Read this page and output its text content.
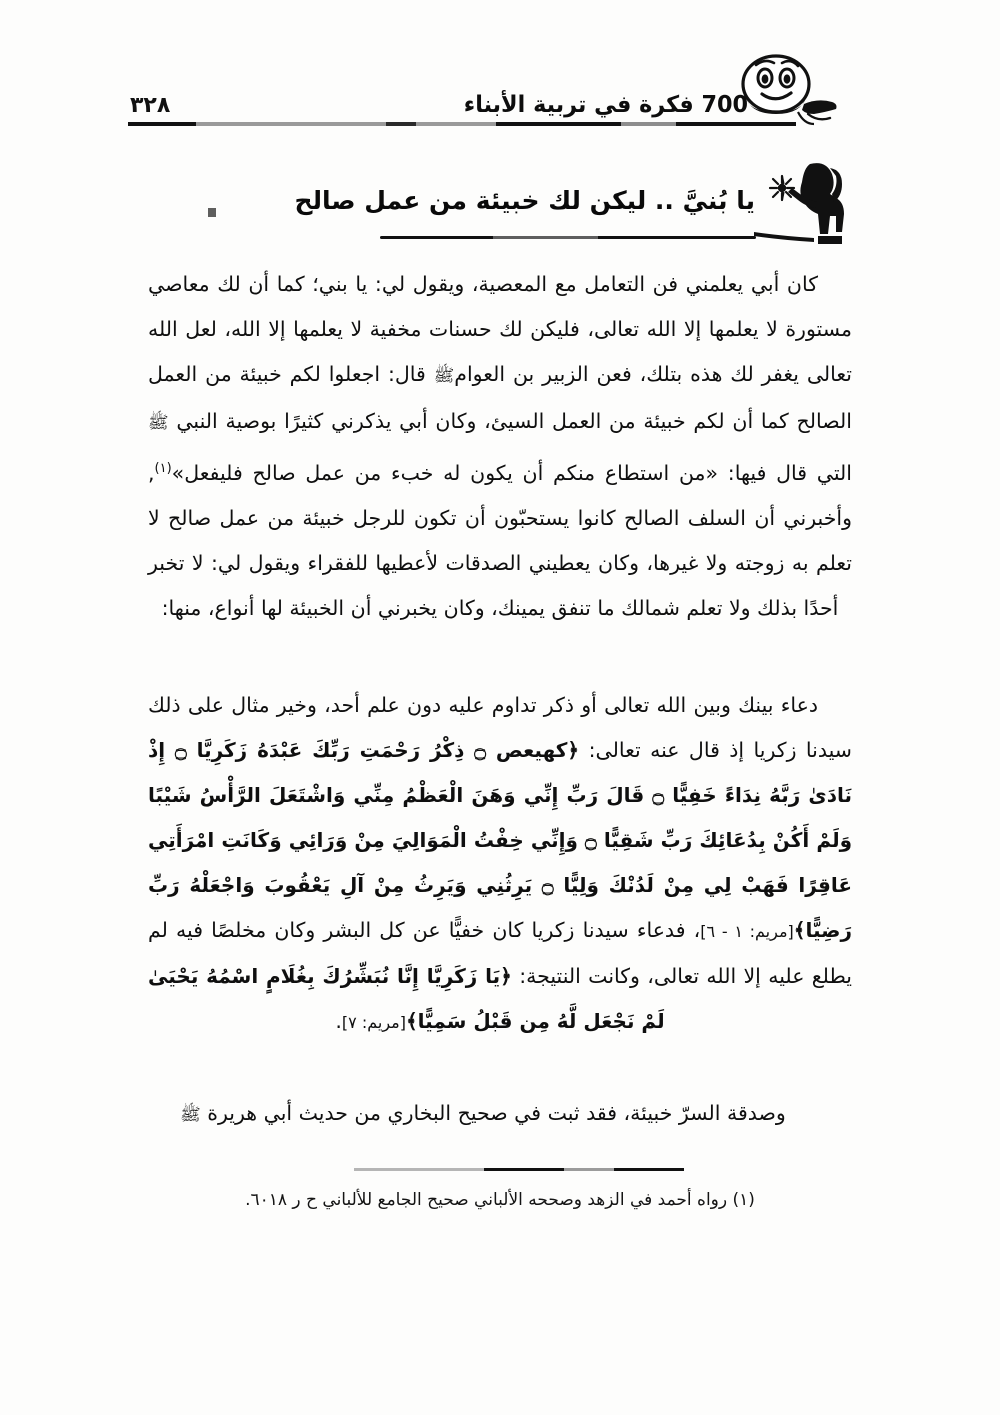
700 فكرة في تربية الأبناء
٣٢٨
يا بُنيَّ .. ليكن لك خبيئة من عمل صالح

كان أبي يعلمني فن التعامل مع المعصية، ويقول لي: يا بني؛ كما أن لك معاصي مستورة لا يعلمها إلا الله تعالى، فليكن لك حسنات مخفية لا يعلمها إلا الله، لعل الله تعالى يغفر لك هذه بتلك، فعن الزبير بن العوامﷺ قال: اجعلوا لكم خبيئة من العمل الصالح كما أن لكم خبيئة من العمل السيئ، وكان أبي يذكرني كثيرًا بوصية النبي ﷺ التي قال فيها: «من استطاع منكم أن يكون له خبء من عمل صالح فليفعل»$^{(١)}$, وأخبرني أن السلف الصالح كانوا يستحبّون أن تكون للرجل خبيئة من عمل صالح لا تعلم به زوجته ولا غيرها، وكان يعطيني الصدقات لأعطيها للفقراء ويقول لي: لا تخبر أحدًا بذلك ولا تعلم شمالك ما تنفق يمينك، وكان يخبرني أن الخبيئة لها أنواع، منها:

دعاء بينك وبين الله تعالى أو ذكر تداوم عليه دون علم أحد، وخير مثال على ذلك سيدنا زكريا إذ قال عنه تعالى: ﴿كهيعص ۝ ذِكْرُ رَحْمَتِ رَبِّكَ عَبْدَهُ زَكَرِيَّا ۝ إِذْ نَادَىٰ رَبَّهُ نِدَاءً خَفِيًّا ۝ قَالَ رَبِّ إِنِّي وَهَنَ الْعَظْمُ مِنِّي وَاشْتَعَلَ الرَّأْسُ شَيْبًا وَلَمْ أَكُنْ بِدُعَائِكَ رَبِّ شَقِيًّا ۝ وَإِنِّي خِفْتُ الْمَوَالِيَ مِنْ وَرَائِي وَكَانَتِ امْرَأَتِي عَاقِرًا فَهَبْ لِي مِنْ لَدُنْكَ وَلِيًّا ۝ يَرِثُنِي وَيَرِثُ مِنْ آلِ يَعْقُوبَ وَاجْعَلْهُ رَبِّ رَضِيًّا﴾[مريم: ١ - ٦]، فدعاء سيدنا زكريا كان خفيًّا عن كل البشر وكان مخلصًا فيه لم يطلع عليه إلا الله تعالى، وكانت النتيجة: ﴿يَا زَكَرِيَّا إِنَّا نُبَشِّرُكَ بِغُلَامٍ اسْمُهُ يَحْيَىٰ لَمْ نَجْعَل لَّهُ مِن قَبْلُ سَمِيًّا﴾[مريم: ٧].

وصدقة السرّ خبيئة، فقد ثبت في صحيح البخاري من حديث أبي هريرة ﷺ

(١) رواه أحمد في الزهد وصححه الألباني صحيح الجامع للألباني ح ر ٦٠١٨.
